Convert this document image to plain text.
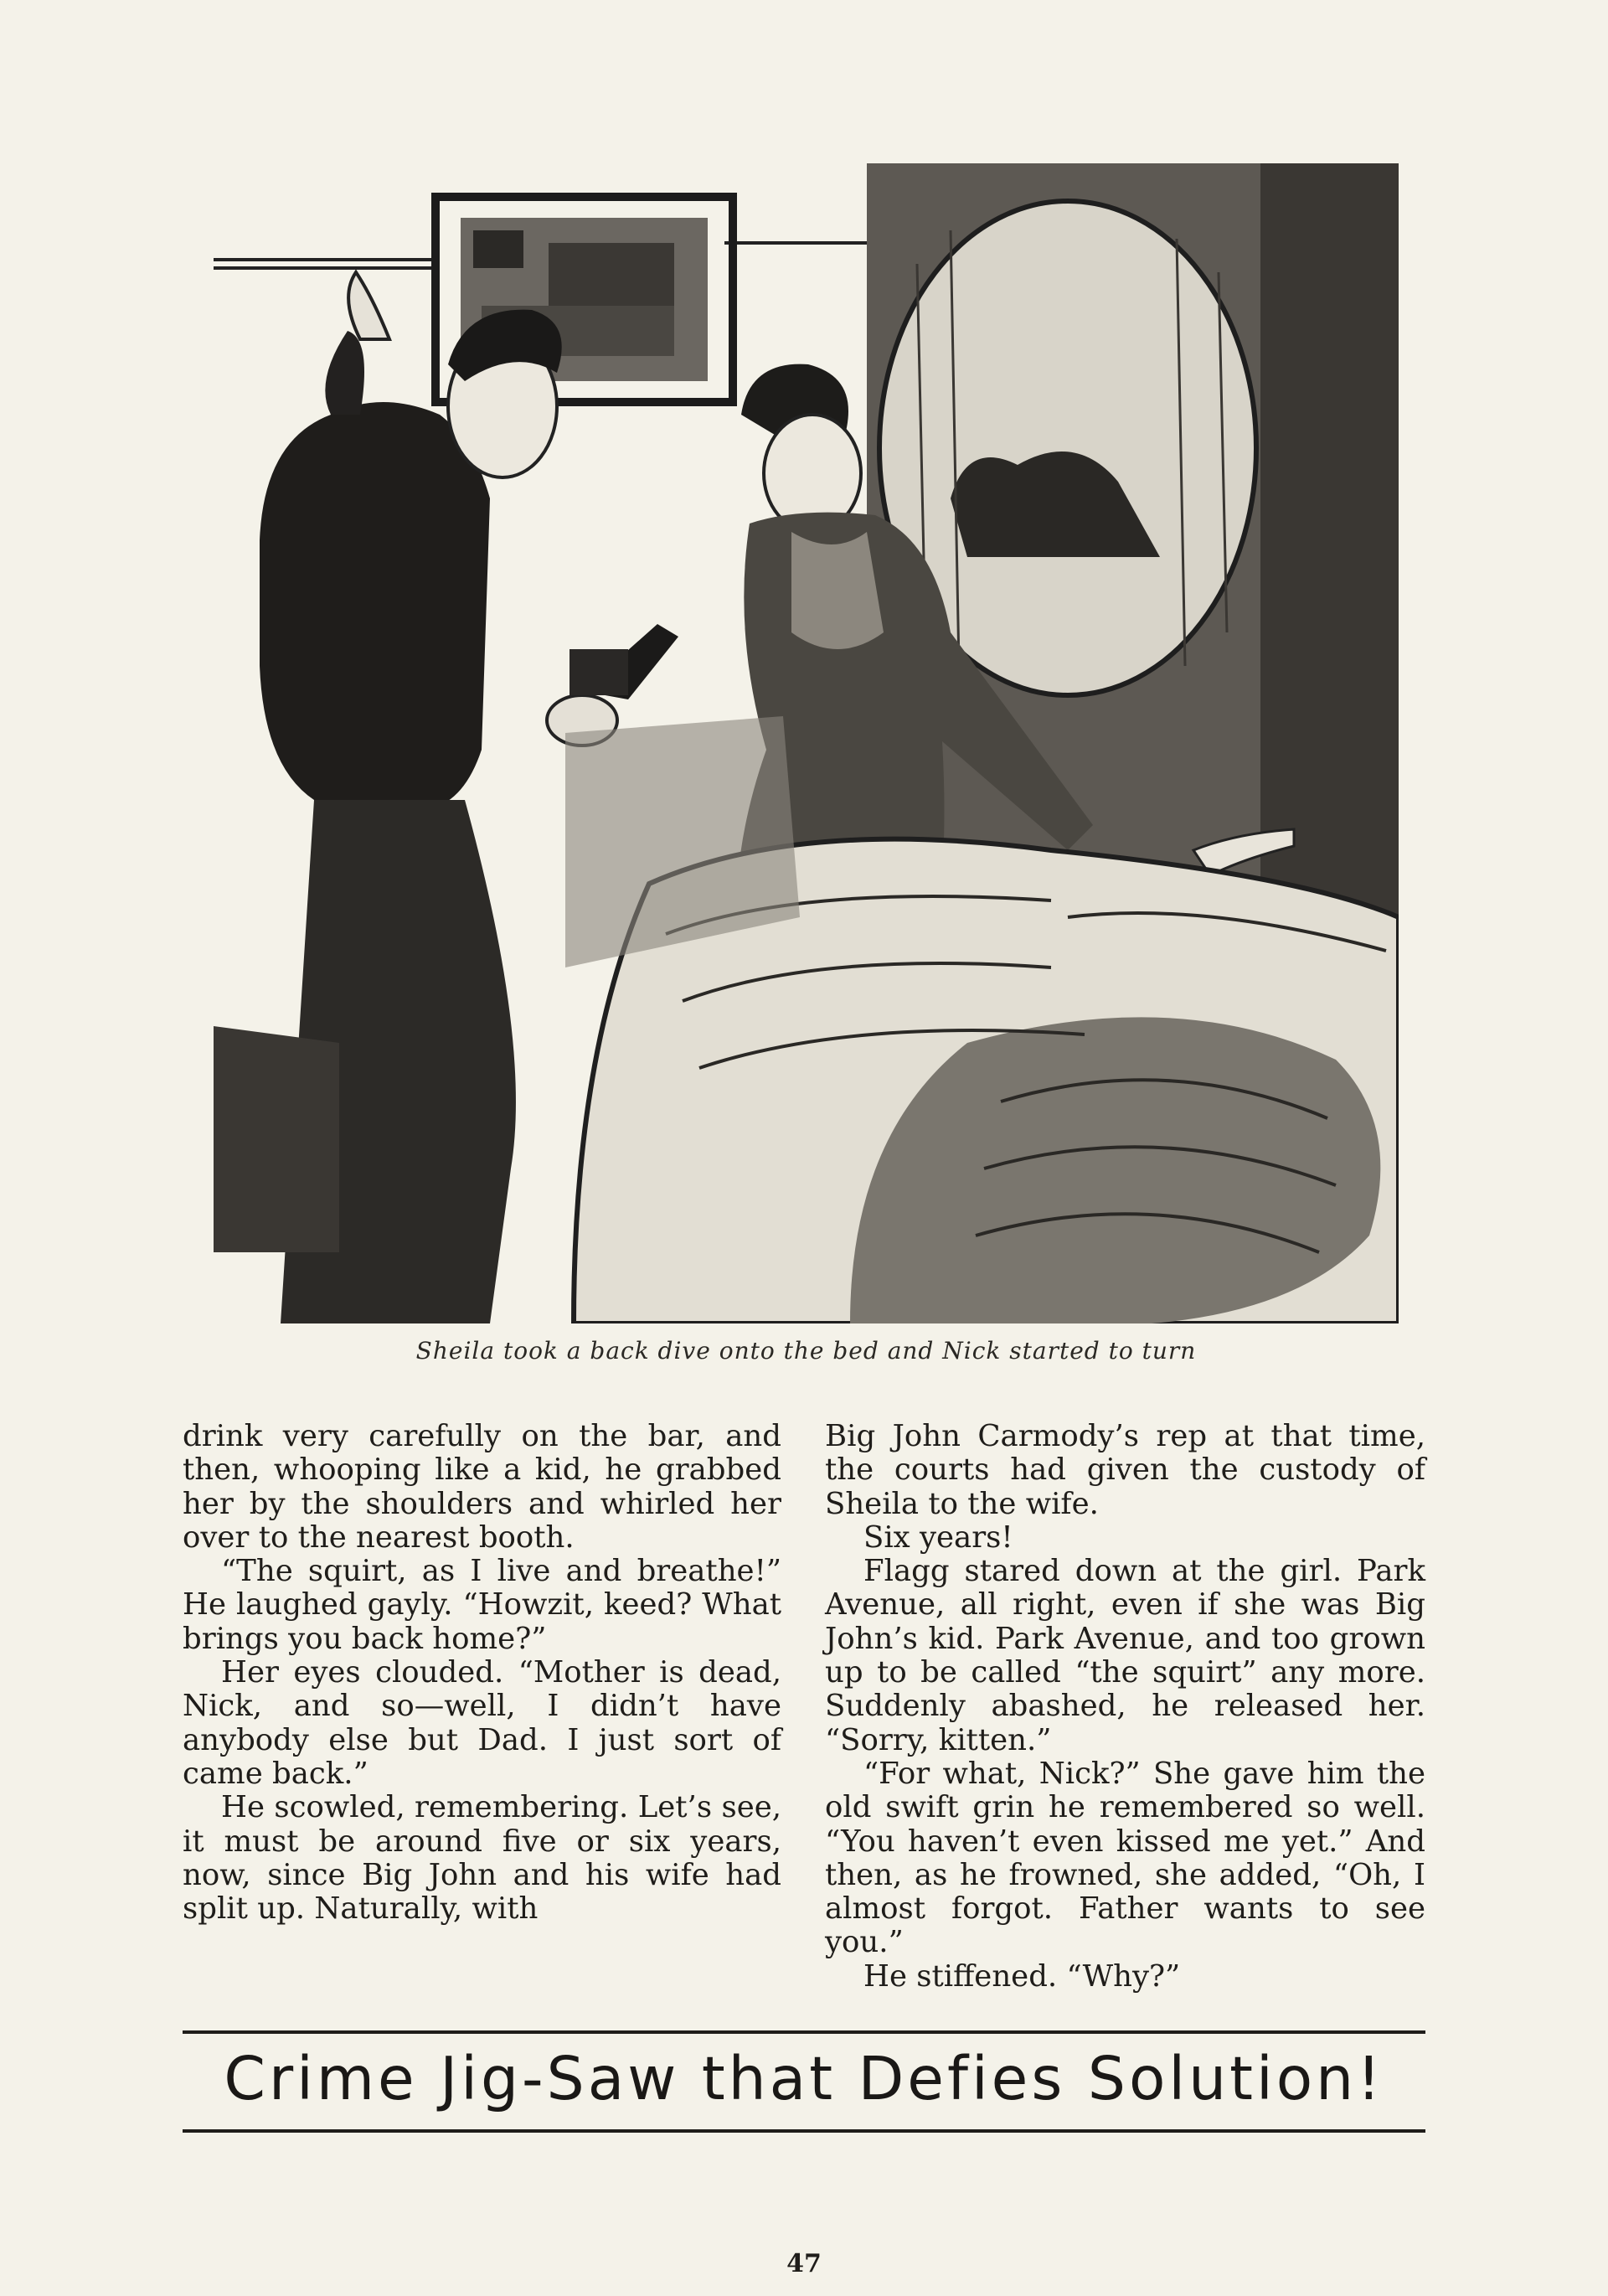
Sheila took a back dive onto the bed and Nick started to turn

drink very carefully on the bar, and then, whooping like a kid, he grabbed her by the shoulders and whirled her over to the nearest booth.

“The squirt, as I live and breathe!” He laughed gayly. “Howzit, keed? What brings you back home?”

Her eyes clouded. “Mother is dead, Nick, and so—well, I didn’t have anybody else but Dad. I just sort of came back.”

He scowled, remembering. Let’s see, it must be around five or six years, now, since Big John and his wife had split up. Naturally, with

Big John Carmody’s rep at that time, the courts had given the custody of Sheila to the wife.

Six years!

Flagg stared down at the girl. Park Avenue, all right, even if she was Big John’s kid. Park Avenue, and too grown up to be called “the squirt” any more. Suddenly abashed, he released her. “Sorry, kitten.”

“For what, Nick?” She gave him the old swift grin he remembered so well. “You haven’t even kissed me yet.” And then, as he frowned, she added, “Oh, I almost forgot. Father wants to see you.”

He stiffened. “Why?”

Crime Jig-Saw that Defies Solution!
47
